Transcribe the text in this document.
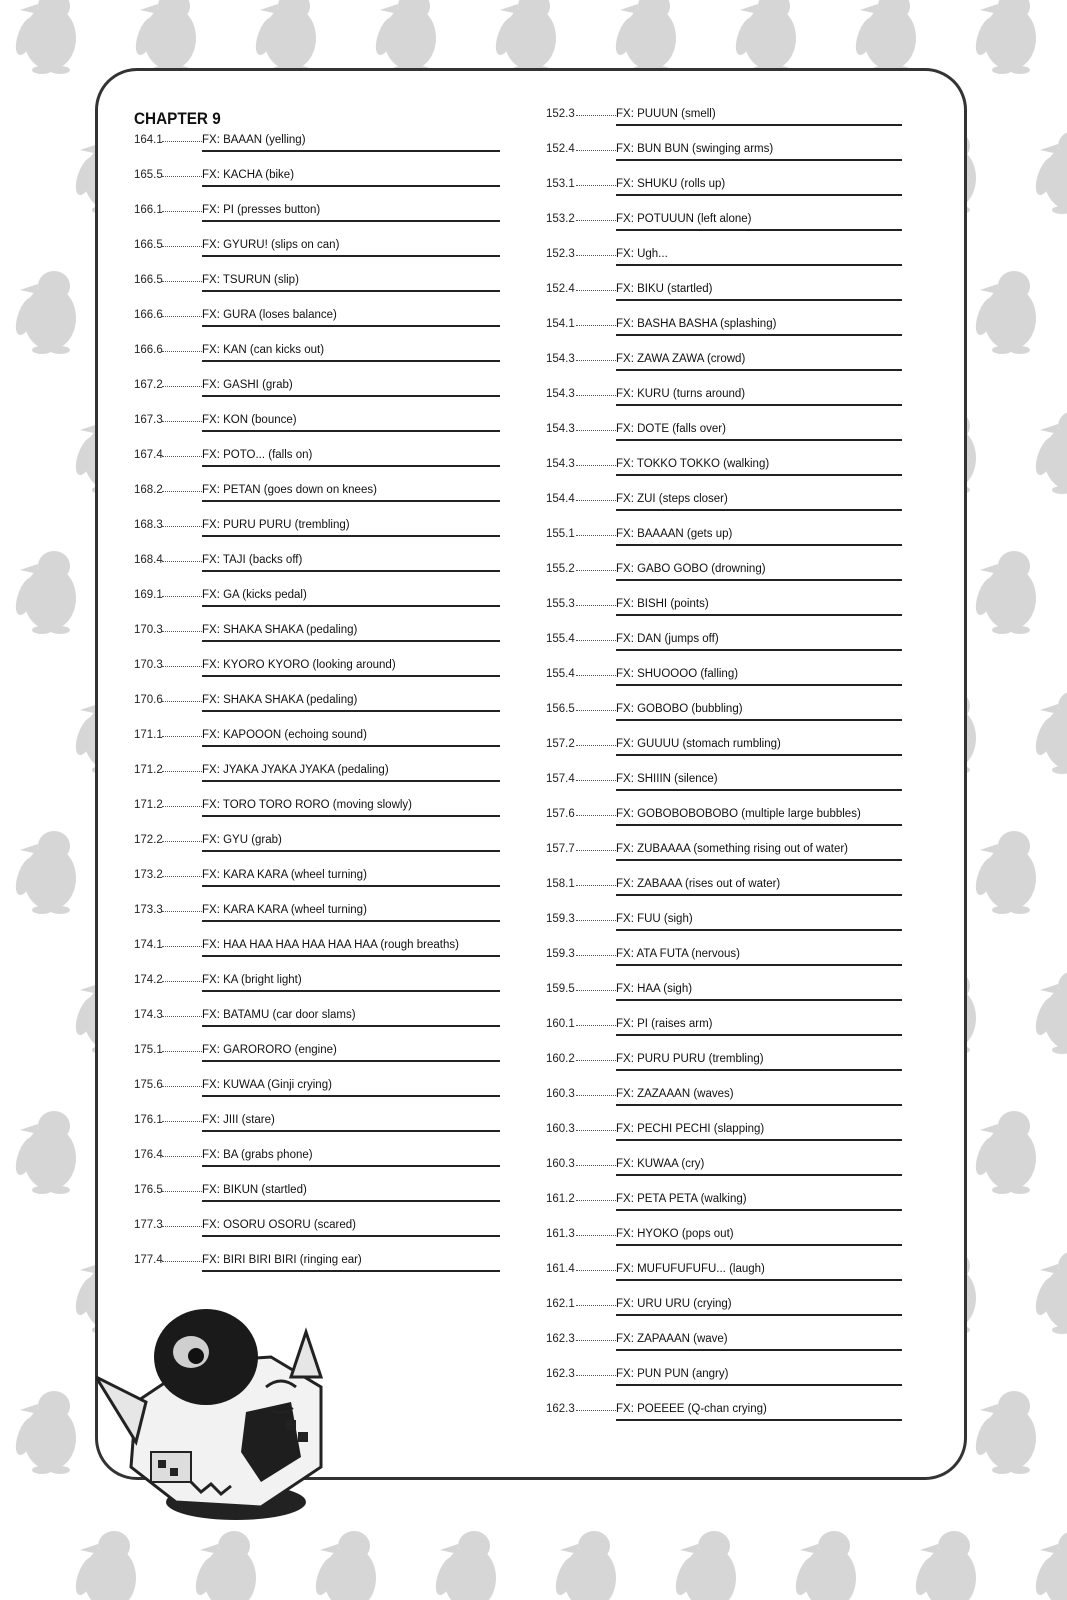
CHAPTER 9
164.1	FX: BAAAN (yelling)
165.5	FX: KACHA (bike)
166.1	FX: PI (presses button)
166.5	FX: GYURU! (slips on can)
166.5	FX: TSURUN (slip)
166.6	FX: GURA (loses balance)
166.6	FX: KAN (can kicks out)
167.2	FX: GASHI (grab)
167.3	FX: KON (bounce)
167.4	FX: POTO... (falls on)
168.2	FX: PETAN (goes down on knees)
168.3	FX: PURU PURU (trembling)
168.4	FX: TAJI (backs off)
169.1	FX: GA (kicks pedal)
170.3	FX: SHAKA SHAKA (pedaling)
170.3	FX: KYORO KYORO (looking around)
170.6	FX: SHAKA SHAKA (pedaling)
171.1	FX: KAPOOON (echoing sound)
171.2	FX: JYAKA JYAKA JYAKA (pedaling)
171.2	FX: TORO TORO RORO (moving slowly)
172.2	FX: GYU (grab)
173.2	FX: KARA KARA (wheel turning)
173.3	FX: KARA KARA (wheel turning)
174.1	FX: HAA HAA HAA HAA HAA HAA (rough breaths)
174.2	FX: KA (bright light)
174.3	FX: BATAMU (car door slams)
175.1	FX: GARORORO (engine)
175.6	FX: KUWAA (Ginji crying)
176.1	FX: JIII (stare)
176.4	FX: BA (grabs phone)
176.5	FX: BIKUN (startled)
177.3	FX: OSORU OSORU (scared)
177.4	FX: BIRI BIRI BIRI (ringing ear)
152.3	FX: PUUUN (smell)
152.4	FX: BUN BUN (swinging arms)
153.1	FX: SHUKU (rolls up)
153.2	FX: POTUUUN (left alone)
152.3	FX: Ugh...
152.4	FX: BIKU (startled)
154.1	FX: BASHA BASHA (splashing)
154.3	FX: ZAWA ZAWA (crowd)
154.3	FX: KURU (turns around)
154.3	FX: DOTE (falls over)
154.3	FX: TOKKO TOKKO (walking)
154.4	FX: ZUI (steps closer)
155.1	FX: BAAAAN (gets up)
155.2	FX: GABO GOBO (drowning)
155.3	FX: BISHI (points)
155.4	FX: DAN (jumps off)
155.4	FX: SHUOOOO (falling)
156.5	FX: GOBOBO (bubbling)
157.2	FX: GUUUU (stomach rumbling)
157.4	FX: SHIIIN (silence)
157.6	FX: GOBOBOBOBOBO (multiple large bubbles)
157.7	FX: ZUBAAAA (something rising out of water)
158.1	FX: ZABAAA (rises out of water)
159.3	FX: FUU (sigh)
159.3	FX: ATA FUTA (nervous)
159.5	FX: HAA (sigh)
160.1	FX: PI (raises arm)
160.2	FX: PURU PURU (trembling)
160.3	FX: ZAZAAAN (waves)
160.3	FX: PECHI PECHI (slapping)
160.3	FX: KUWAA (cry)
161.2	FX: PETA PETA (walking)
161.3	FX: HYOKO (pops out)
161.4	FX: MUFUFUFUFU... (laugh)
162.1	FX: URU URU (crying)
162.3	FX: ZAPAAAN (wave)
162.3	FX: PUN PUN (angry)
162.3	FX: POEEEE (Q-chan crying)
